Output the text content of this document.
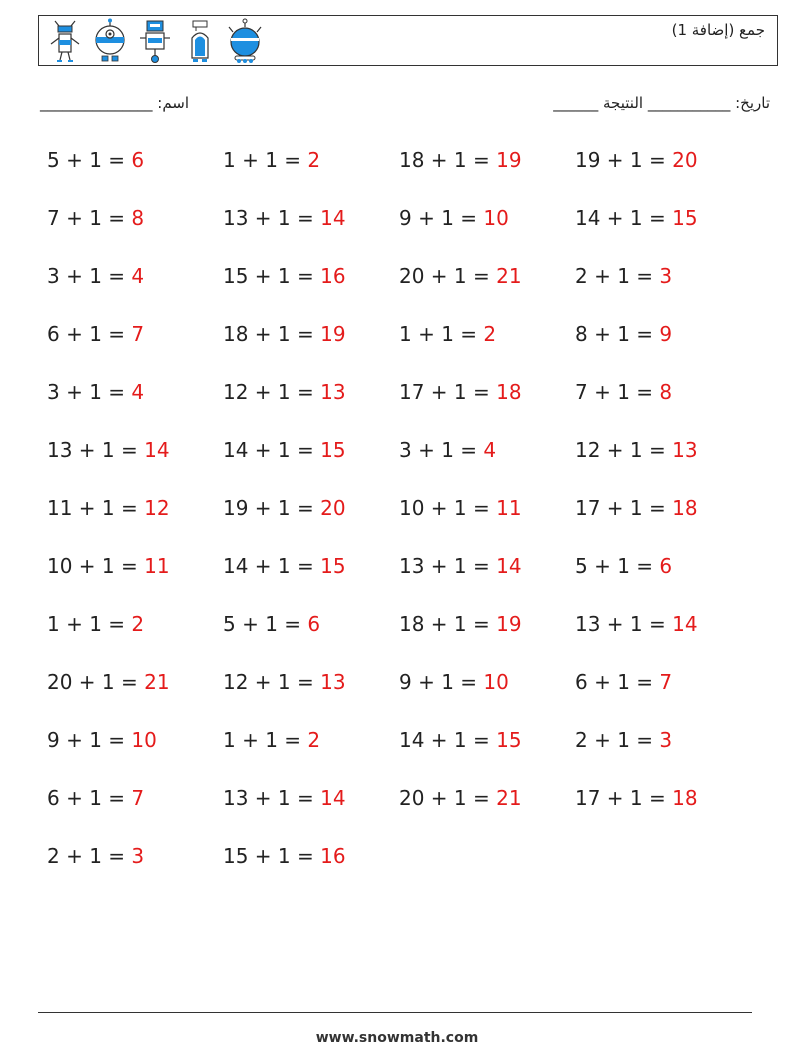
جمع (إضافة 1)
اسم: _______________	تاريخ: ___________ النتيجة ______
5 + 1 = 6	1 + 1 = 2	18 + 1 = 19	19 + 1 = 20
7 + 1 = 8	13 + 1 = 14	9 + 1 = 10	14 + 1 = 15
3 + 1 = 4	15 + 1 = 16	20 + 1 = 21	2 + 1 = 3
6 + 1 = 7	18 + 1 = 19	1 + 1 = 2	8 + 1 = 9
3 + 1 = 4	12 + 1 = 13	17 + 1 = 18	7 + 1 = 8
13 + 1 = 14	14 + 1 = 15	3 + 1 = 4	12 + 1 = 13
11 + 1 = 12	19 + 1 = 20	10 + 1 = 11	17 + 1 = 18
10 + 1 = 11	14 + 1 = 15	13 + 1 = 14	5 + 1 = 6
1 + 1 = 2	5 + 1 = 6	18 + 1 = 19	13 + 1 = 14
20 + 1 = 21	12 + 1 = 13	9 + 1 = 10	6 + 1 = 7
9 + 1 = 10	1 + 1 = 2	14 + 1 = 15	2 + 1 = 3
6 + 1 = 7	13 + 1 = 14	20 + 1 = 21	17 + 1 = 18
2 + 1 = 3	15 + 1 = 16
www.snowmath.com
